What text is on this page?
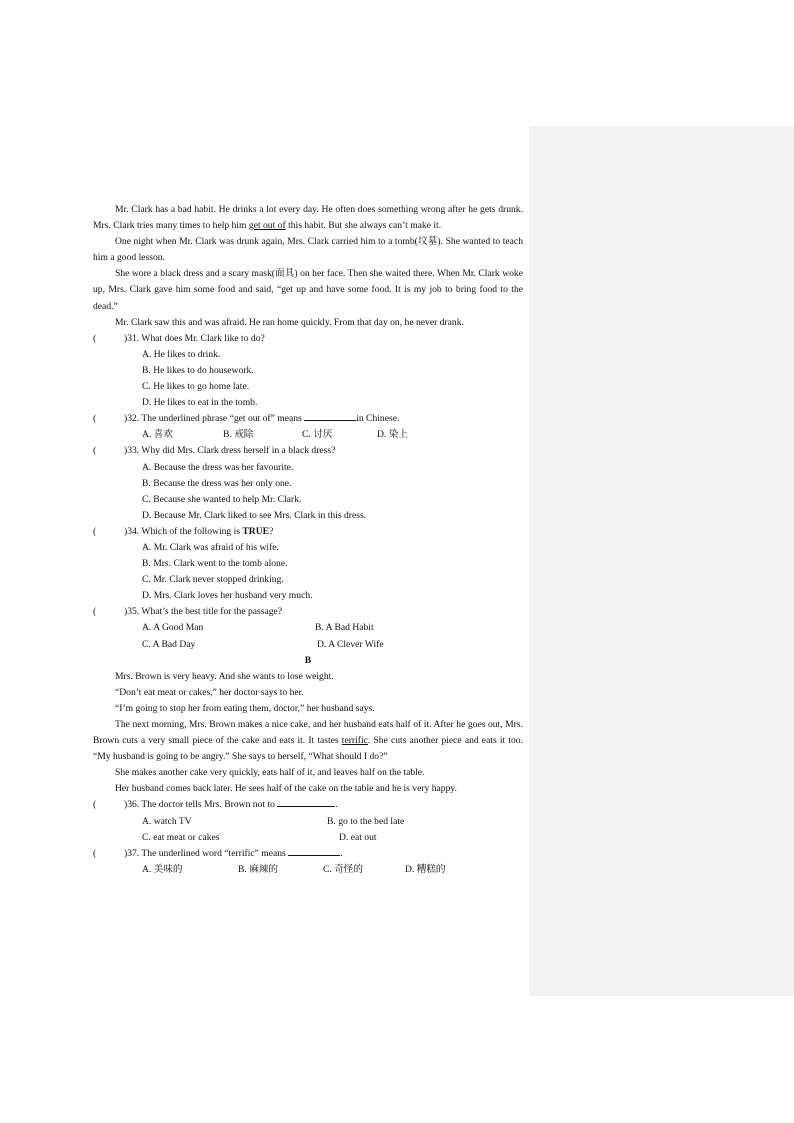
Mr. Clark has a bad habit. He drinks a lot every day. He often does something wrong after he gets drunk. Mrs. Clark tries many times to help him get out of this habit. But she always can’t make it.

One night when Mr. Clark was drunk again, Mrs. Clark carried him to a tomb(坟墓). She wanted to teach him a good lesson.

She wore a black dress and a scary mask(面具) on her face. Then she waited there. When Mr. Clark woke up, Mrs. Clark gave him some food and said, “get up and have some food. It is my job to bring food to the dead.”

Mr. Clark saw this and was afraid. He ran home quickly. From that day on, he never drank.

(	)31. What does Mr. Clark like to do?
A. He likes to drink.
B. He likes to do housework.
C. He likes to go home late.
D. He likes to eat in the tomb.
(	)32. The underlined phrase “get out of” means	in Chinese.
A. 喜欢	B. 戒除	C. 讨厌	D. 染上
(	)33. Why did Mrs. Clark dress herself in a black dress?
A. Because the dress was her favourite.
B. Because the dress was her only one.
C. Because she wanted to help Mr. Clark.
D. Because Mr. Clark liked to see Mrs. Clark in this dress.
(	)34. Which of the following is TRUE?
A. Mr. Clark was afraid of his wife.
B. Mrs. Clark went to the tomb alone.
C. Mr. Clark never stopped drinking.
D. Mrs. Clark loves her husband very much.
(	)35. What’s the best title for the passage?
A. A Good Man	B. A Bad Habit
C. A Bad Day	D. A Clever Wife
B

Mrs. Brown is very heavy. And she wants to lose weight.

“Don’t eat meat or cakes,” her doctor says to her.

“I’m going to stop her from eating them, doctor,” her husband says.

The next morning, Mrs. Brown makes a nice cake, and her husband eats half of it. After he goes out, Mrs. Brown cuts a very small piece of the cake and eats it. It tastes terrific. She cuts another piece and eats it too. “My husband is going to be angry.” She says to herself, “What should I do?”

She makes another cake very quickly, eats half of it, and leaves half on the table.

Her husband comes back later. He sees half of the cake on the table and he is very happy.

(	)36. The doctor tells Mrs. Brown not to	.
A. watch TV	B. go to the bed late
C. eat meat or cakes	D. eat out
(	)37. The underlined word “terrific” means	.
A. 美味的	B. 麻辣的	C. 奇怪的	D. 糟糕的
